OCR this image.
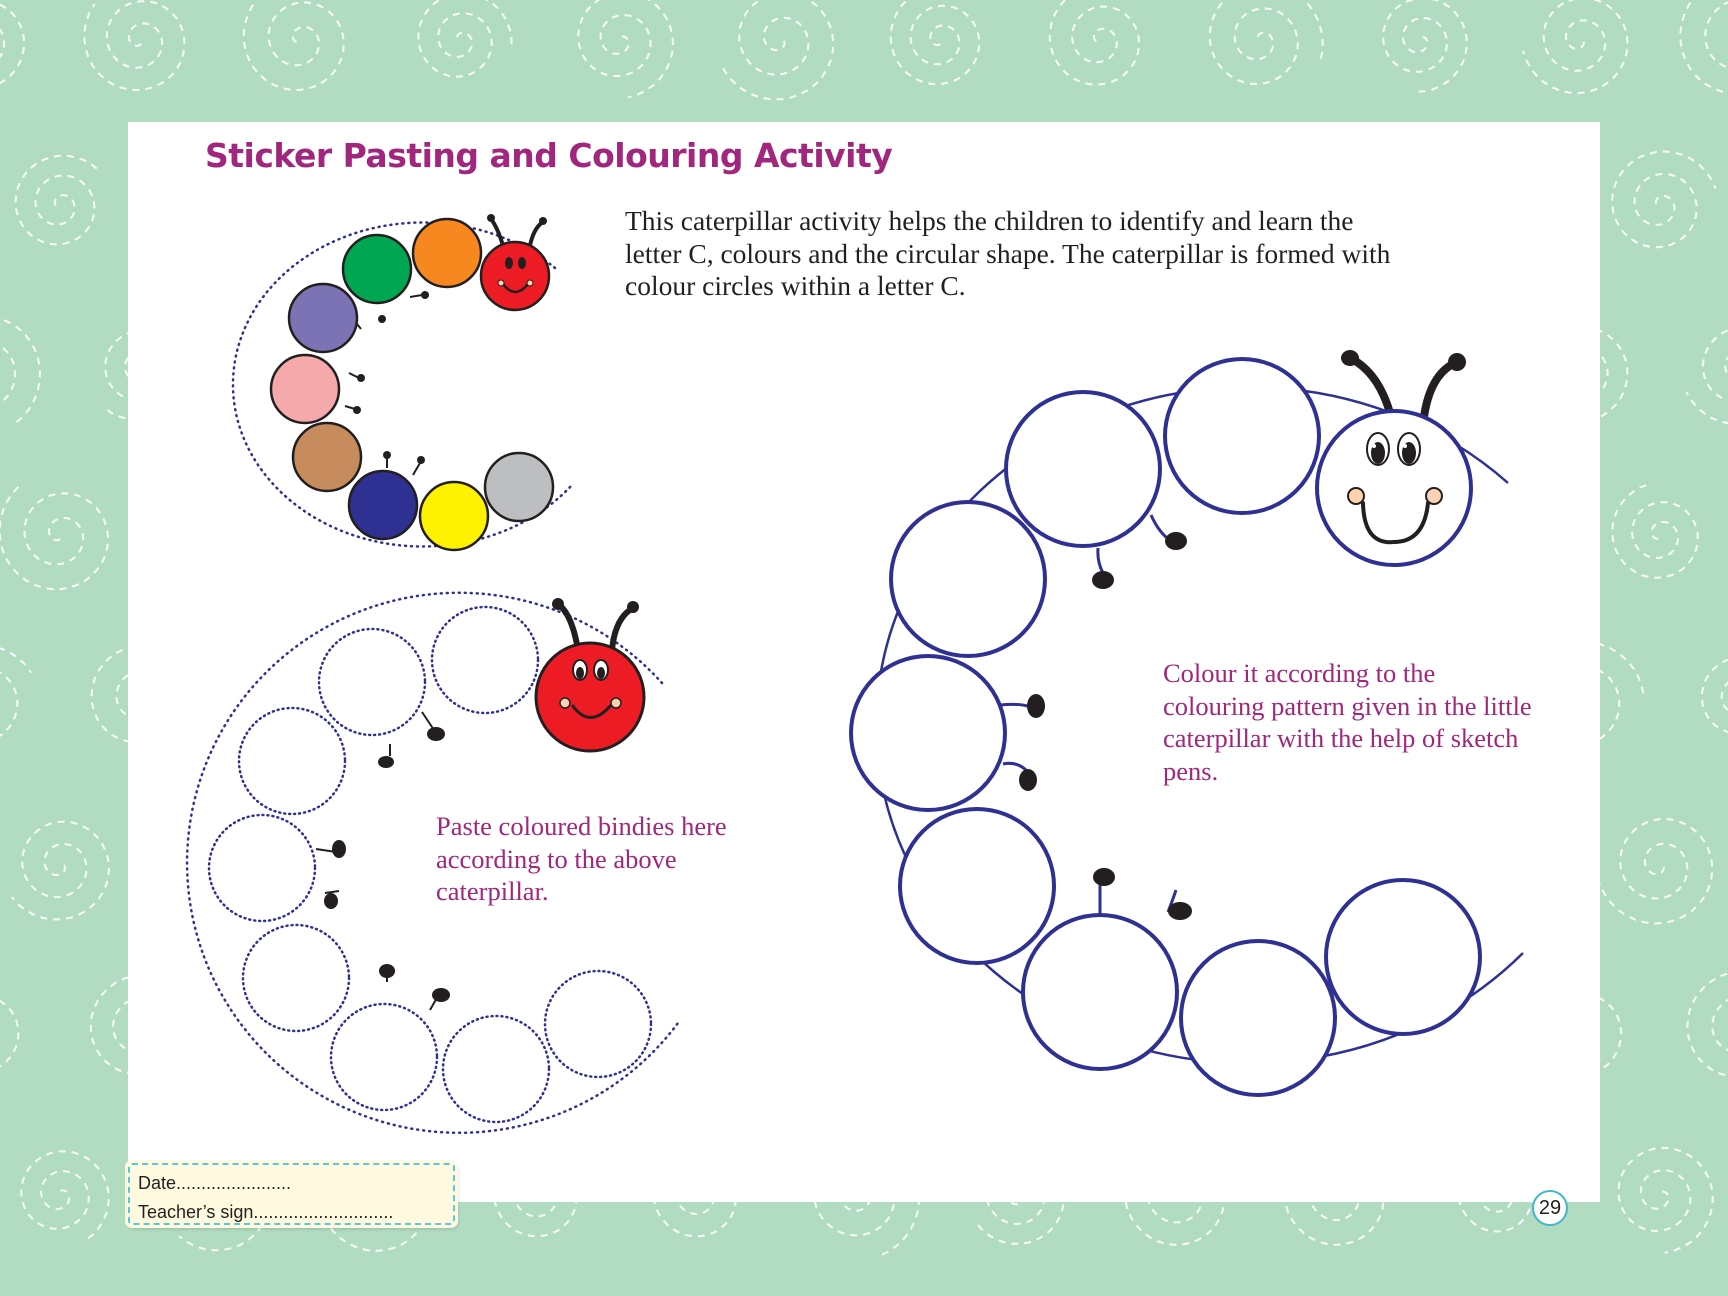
Sticker Pasting and Colouring Activity

This caterpillar activity helps the children to identify and learn the letter C, colours and the circular shape. The caterpillar is formed with colour circles within a letter C.

Paste coloured bindies here according to the above caterpillar.

Colour it according to the colouring pattern given in the little caterpillar with the help of sketch pens.

Date.......................
Teacher’s sign............................	29
